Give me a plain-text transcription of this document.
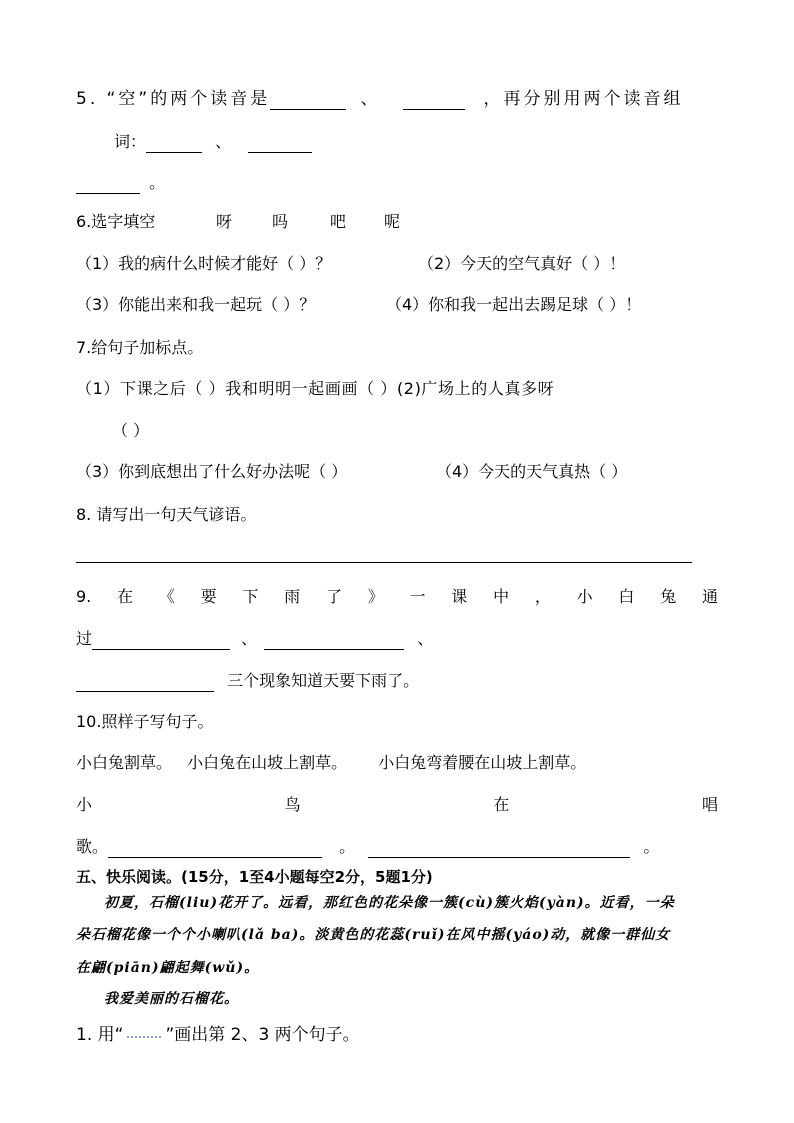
5. “空”的两个读音是	、	，再分别用两个读音组
词：	、
。
6.选字填空	呀 吗	吧 呢
（1）我的病什么时候才能好（ ）？	（2）今天的空气真好（ ）！
（3）你能出来和我一起玩（ ）？	（4）你和我一起出去踢足球（ ）！
7.给句子加标点。
（1）下课之后（ ）我和明明一起画画（ ）(2)广场上的人真多呀
（ ）
（3）你到底想出了什么好办法呢（ ）	（4）今天的天气真热（ ）
8. 请写出一句天气谚语。
9. 在 《 要 下 雨 了 》 一 课 中 ， 小 白 兔 通
过	、	、
三个现象知道天要下雨了。
10.照样子写句子。
小白兔割草。 小白兔在山坡上割草。 小白兔弯着腰在山坡上割草。
小	鸟	在	唱
歌。	。	。
五、快乐阅读。(15分，1至4小题每空2分，5题1分)
初夏，石榴(liu)花开了。远看，那红色的花朵像一簇(cù)簇火焰(yàn)。近看，一朵
朵石榴花像一个个小喇叭(lǎ ba)。淡黄色的花蕊(ruǐ)在风中摇(yáo)动，就像一群仙女
在翩(piān)翩起舞(wǔ)。
我爱美丽的石榴花。
1. 用“ ”画出第 2、3 两个句子。
